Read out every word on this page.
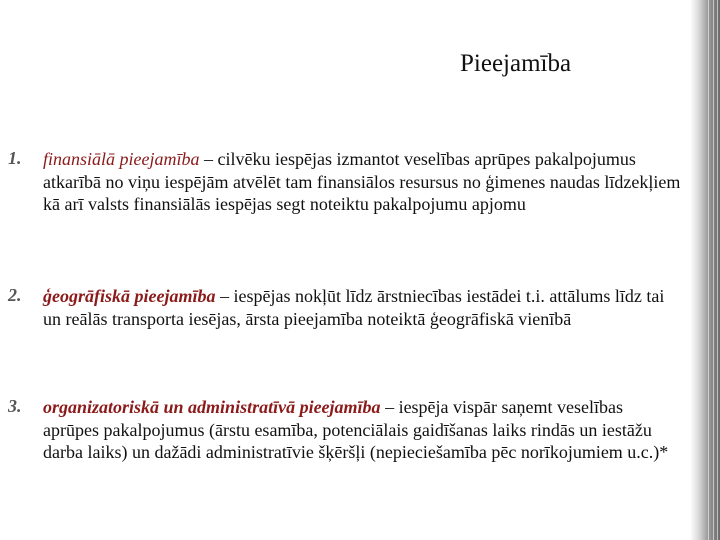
Pieejamība
1. finansiālā pieejamība – cilvēku iespējas izmantot veselības aprūpes pakalpojumus atkarībā no viņu iespējām atvēlēt tam finansiālos resursus no ģimenes naudas līdzekļiem kā arī valsts finansiālās iespējas segt noteiktu pakalpojumu apjomu
2. ģeogrāfiskā pieejamība – iespējas nokļūt līdz ārstniecības iestādei t.i. attālums līdz tai un reālās transporta iesējas, ārsta pieejamība noteiktā ģeogrāfiskā vienībā
3. organizatoriskā un administratīvā pieejamība – iespēja vispār saņemt veselības aprūpes pakalpojumus (ārstu esamība, potenciālais gaidīšanas laiks rindās un iestāžu darba laiks) un dažādi administratīvie šķēršļi (nepieciešamība pēc norīkojumiem u.c.)*
